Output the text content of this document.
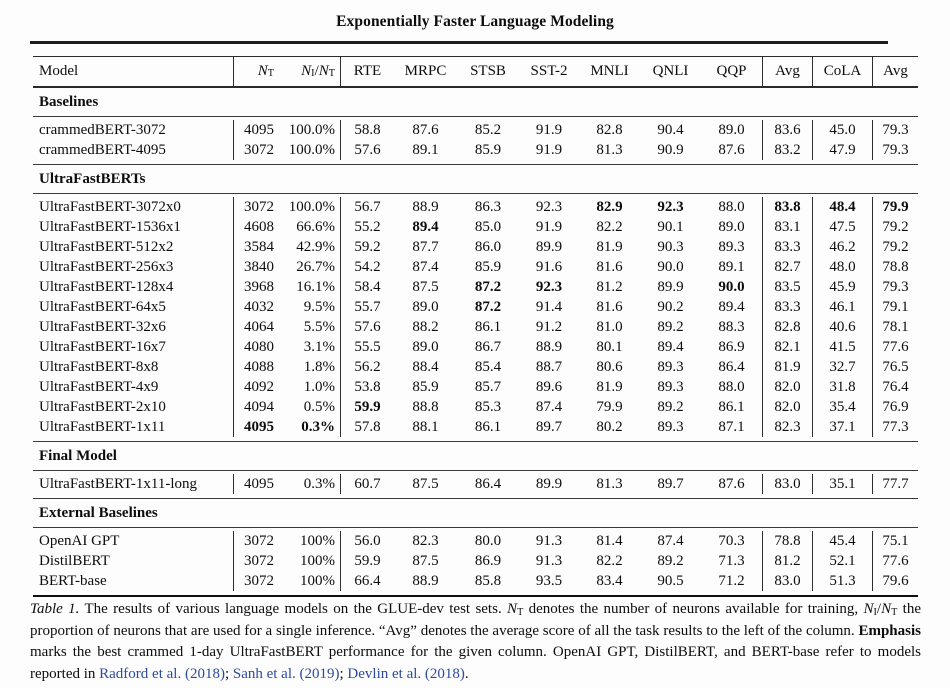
Exponentially Faster Language Modeling
Model	$N_T$ $N_I / N_T$	RTE	MRPC	STSB	SST-2	MNLI	QNLI	QQP	Avg	CoLA	Avg
Baselines
crammedBERT-3072	4095 100.0%	58.8	87.6	85.2	91.9	82.8	90.4	89.0	83.6	45.0	79.3
crammedBERT-4095	3072 100.0%	57.6	89.1	85.9	91.9	81.3	90.9	87.6	83.2	47.9	79.3
UltraFastBERTs
UltraFastBERT-3072x0	3072 100.0%	56.7	88.9	86.3	92.3	82.9	92.3	88.0	83.8	48.4	79.9
UltraFastBERT-1536x1	4608	66.6%	55.2	89.4	85.0	91.9	82.2	90.1	89.0	83.1	47.5	79.2
UltraFastBERT-512x2	3584	42.9%	59.2	87.7	86.0	89.9	81.9	90.3	89.3	83.3	46.2	79.2
UltraFastBERT-256x3	3840	26.7%	54.2	87.4	85.9	91.6	81.6	90.0	89.1	82.7	48.0	78.8
UltraFastBERT-128x4	3968	16.1%	58.4	87.5	87.2	92.3	81.2	89.9	90.0	83.5	45.9	79.3
UltraFastBERT-64x5	4032	9.5%	55.7	89.0	87.2	91.4	81.6	90.2	89.4	83.3	46.1	79.1
UltraFastBERT-32x6	4064	5.5%	57.6	88.2	86.1	91.2	81.0	89.2	88.3	82.8	40.6	78.1
UltraFastBERT-16x7	4080	3.1%	55.5	89.0	86.7	88.9	80.1	89.4	86.9	82.1	41.5	77.6
UltraFastBERT-8x8	4088	1.8%	56.2	88.4	85.4	88.7	80.6	89.3	86.4	81.9	32.7	76.5
UltraFastBERT-4x9	4092	1.0%	53.8	85.9	85.7	89.6	81.9	89.3	88.0	82.0	31.8	76.4
UltraFastBERT-2x10	4094	0.5%	59.9	88.8	85.3	87.4	79.9	89.2	86.1	82.0	35.4	76.9
UltraFastBERT-1x11	4095	0.3%	57.8	88.1	86.1	89.7	80.2	89.3	87.1	82.3	37.1	77.3
Final Model
UltraFastBERT-1x11-long	4095	0.3%	60.7	87.5	86.4	89.9	81.3	89.7	87.6	83.0	35.1	77.7
External Baselines
OpenAI GPT	3072	100%	56.0	82.3	80.0	91.3	81.4	87.4	70.3	78.8	45.4	75.1
DistilBERT	3072	100%	59.9	87.5	86.9	91.3	82.2	89.2	71.3	81.2	52.1	77.6
BERT-base	3072	100%	66.4	88.9	85.8	93.5	83.4	90.5	71.2	83.0	51.3	79.6
Table 1. The results of various language models on the GLUE-dev test sets. $N_T$ denotes the number of neurons available for training, $N_I/N_T$ the proportion of neurons that are used for a single inference. “Avg” denotes the average score of all the task results to the left of the column. Emphasis marks the best crammed 1-day UltraFastBERT performance for the given column. OpenAI GPT, DistilBERT, and BERT-base refer to models reported in Radford et al. (2018); Sanh et al. (2019); Devlin et al. (2018).
